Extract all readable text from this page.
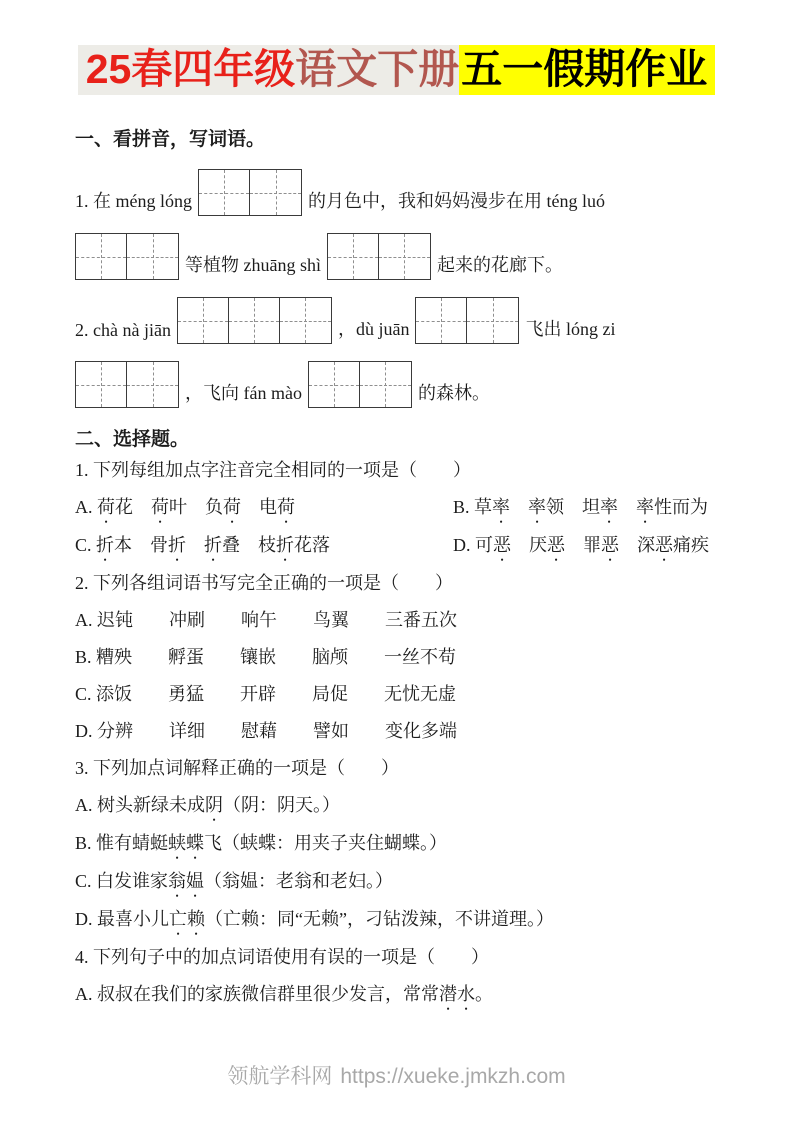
25春四年级语文下册五一假期作业
一、看拼音，写词语。
1. 在 méng lóng	的月色中，我和妈妈漫步在用 téng luó
等植物 zhuāng shì	起来的花廊下。
2. chà nà jiān	，dù juān	飞出 lóng zi
，飞向 fán mào	的森林。
二、选择题。

1. 下列每组加点字注音完全相同的一项是（　　）

A. 荷花　荷叶　负荷　电荷	B. 草率　 率领　坦率　 率性而为

C. 折本　骨折　 折叠　枝折花落	D. 可恶　厌恶　罪恶　深恶痛疾

2. 下列各组词语书写完全正确的一项是（　　）

A. 迟钝　　冲刷　　响午　　鸟翼　　三番五次

B. 糟殃　　孵蛋　　镶嵌　　脑颅　　一丝不苟

C. 添饭　　勇猛　　开辟　　局促　　无忧无虚

D. 分辨　　详细　　慰藉　　譬如　　变化多端

3. 下列加点词解释正确的一项是（　　）

A. 树头新绿未成阴（阴：阴天。）

B. 惟有蜻蜓蛱蝶飞（蛱蝶：用夹子夹住蝴蝶。）

C. 白发谁家翁媪（翁媪：老翁和老妇。）

D. 最喜小儿亡赖（亡赖：同“无赖”，刁钻泼辣，不讲道理。）

4. 下列句子中的加点词语使用有误的一项是（　　）

A. 叔叔在我们的家族微信群里很少发言，常常潜水。

领航学科网 https://xueke.jmkzh.com
